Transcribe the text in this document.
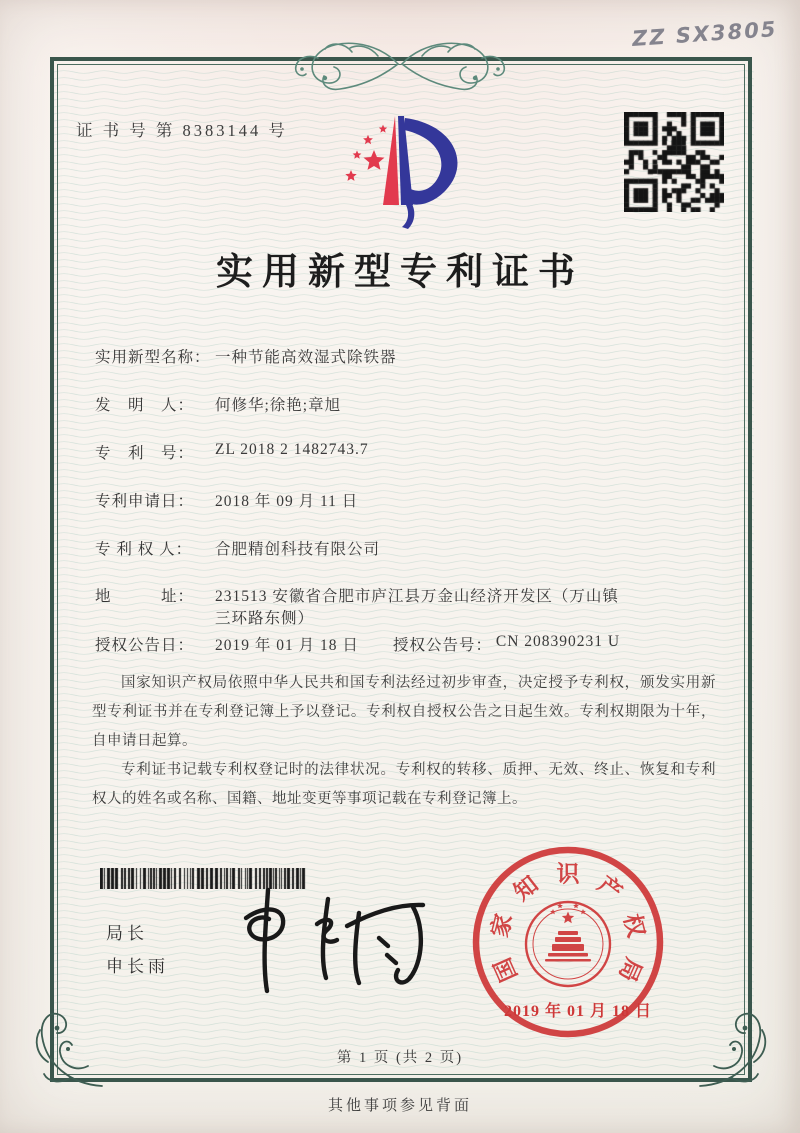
ZZ SX3805
证 书 号 第 8383144 号
实用新型专利证书
实用新型名称： 一种节能高效湿式除铁器
发　明　人： 何修华;徐艳;章旭
专　利　号： ZL 2018 2 1482743.7
专利申请日： 2018 年 09 月 11 日
专 利 权 人： 合肥精创科技有限公司
地　　　址： 231513 安徽省合肥市庐江县万金山经济开发区（万山镇
三环路东侧）
授权公告日： 2019 年 01 月 18 日 授权公告号： CN 208390231 U

国家知识产权局依照中华人民共和国专利法经过初步审查，决定授予专利权，颁发实用新型专利证书并在专利登记簿上予以登记。专利权自授权公告之日起生效。专利权期限为十年，自申请日起算。

专利证书记载专利权登记时的法律状况。专利权的转移、质押、无效、终止、恢复和专利权人的姓名或名称、国籍、地址变更等事项记载在专利登记簿上。

局长
申长雨	国
家
知 识 产
权
局
2019 年 01 月 18 日
第 1 页 (共 2 页)
其他事项参见背面
